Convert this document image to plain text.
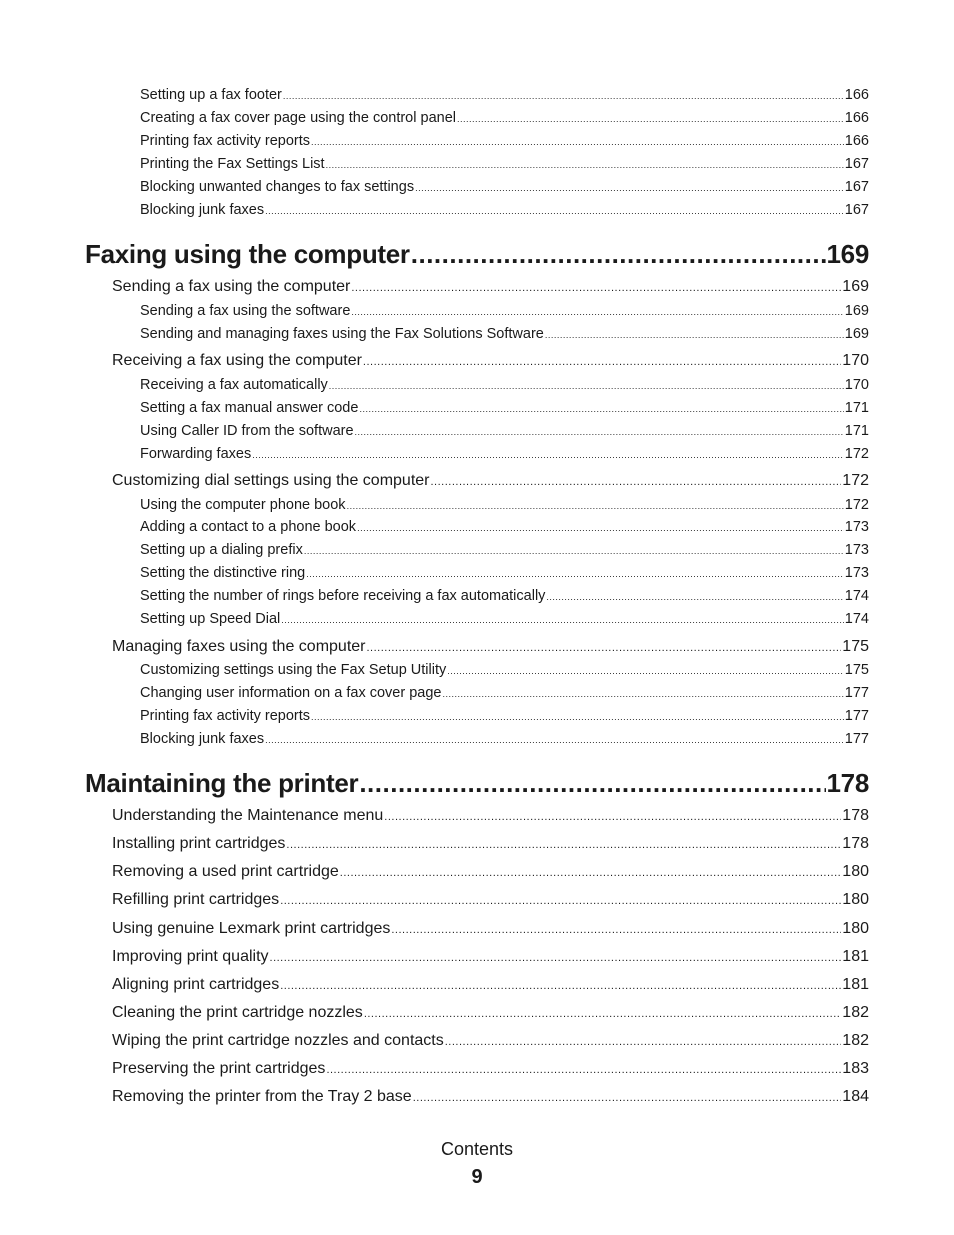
Setting up a fax footer .....	166
Creating a fax cover page using the control panel .....	166
Printing fax activity reports .....	166
Printing the Fax Settings List .....	167
Blocking unwanted changes to fax settings .....	167
Blocking junk faxes .....	167
Faxing using the computer .....	169
Sending a fax using the computer .....	169
Sending a fax using the software .....	169
Sending and managing faxes using the Fax Solutions Software .....	169
Receiving a fax using the computer .....	170
Receiving a fax automatically .....	170
Setting a fax manual answer code .....	171
Using Caller ID from the software .....	171
Forwarding faxes .....	172
Customizing dial settings using the computer .....	172
Using the computer phone book .....	172
Adding a contact to a phone book .....	173
Setting up a dialing prefix .....	173
Setting the distinctive ring .....	173
Setting the number of rings before receiving a fax automatically .....	174
Setting up Speed Dial .....	174
Managing faxes using the computer .....	175
Customizing settings using the Fax Setup Utility .....	175
Changing user information on a fax cover page .....	177
Printing fax activity reports .....	177
Blocking junk faxes .....	177
Maintaining the printer .....	178
Understanding the Maintenance menu .....	178
Installing print cartridges .....	178
Removing a used print cartridge .....	180
Refilling print cartridges .....	180
Using genuine Lexmark print cartridges .....	180
Improving print quality .....	181
Aligning print cartridges .....	181
Cleaning the print cartridge nozzles .....	182
Wiping the print cartridge nozzles and contacts .....	182
Preserving the print cartridges .....	183
Removing the printer from the Tray 2 base .....	184
Contents
9
